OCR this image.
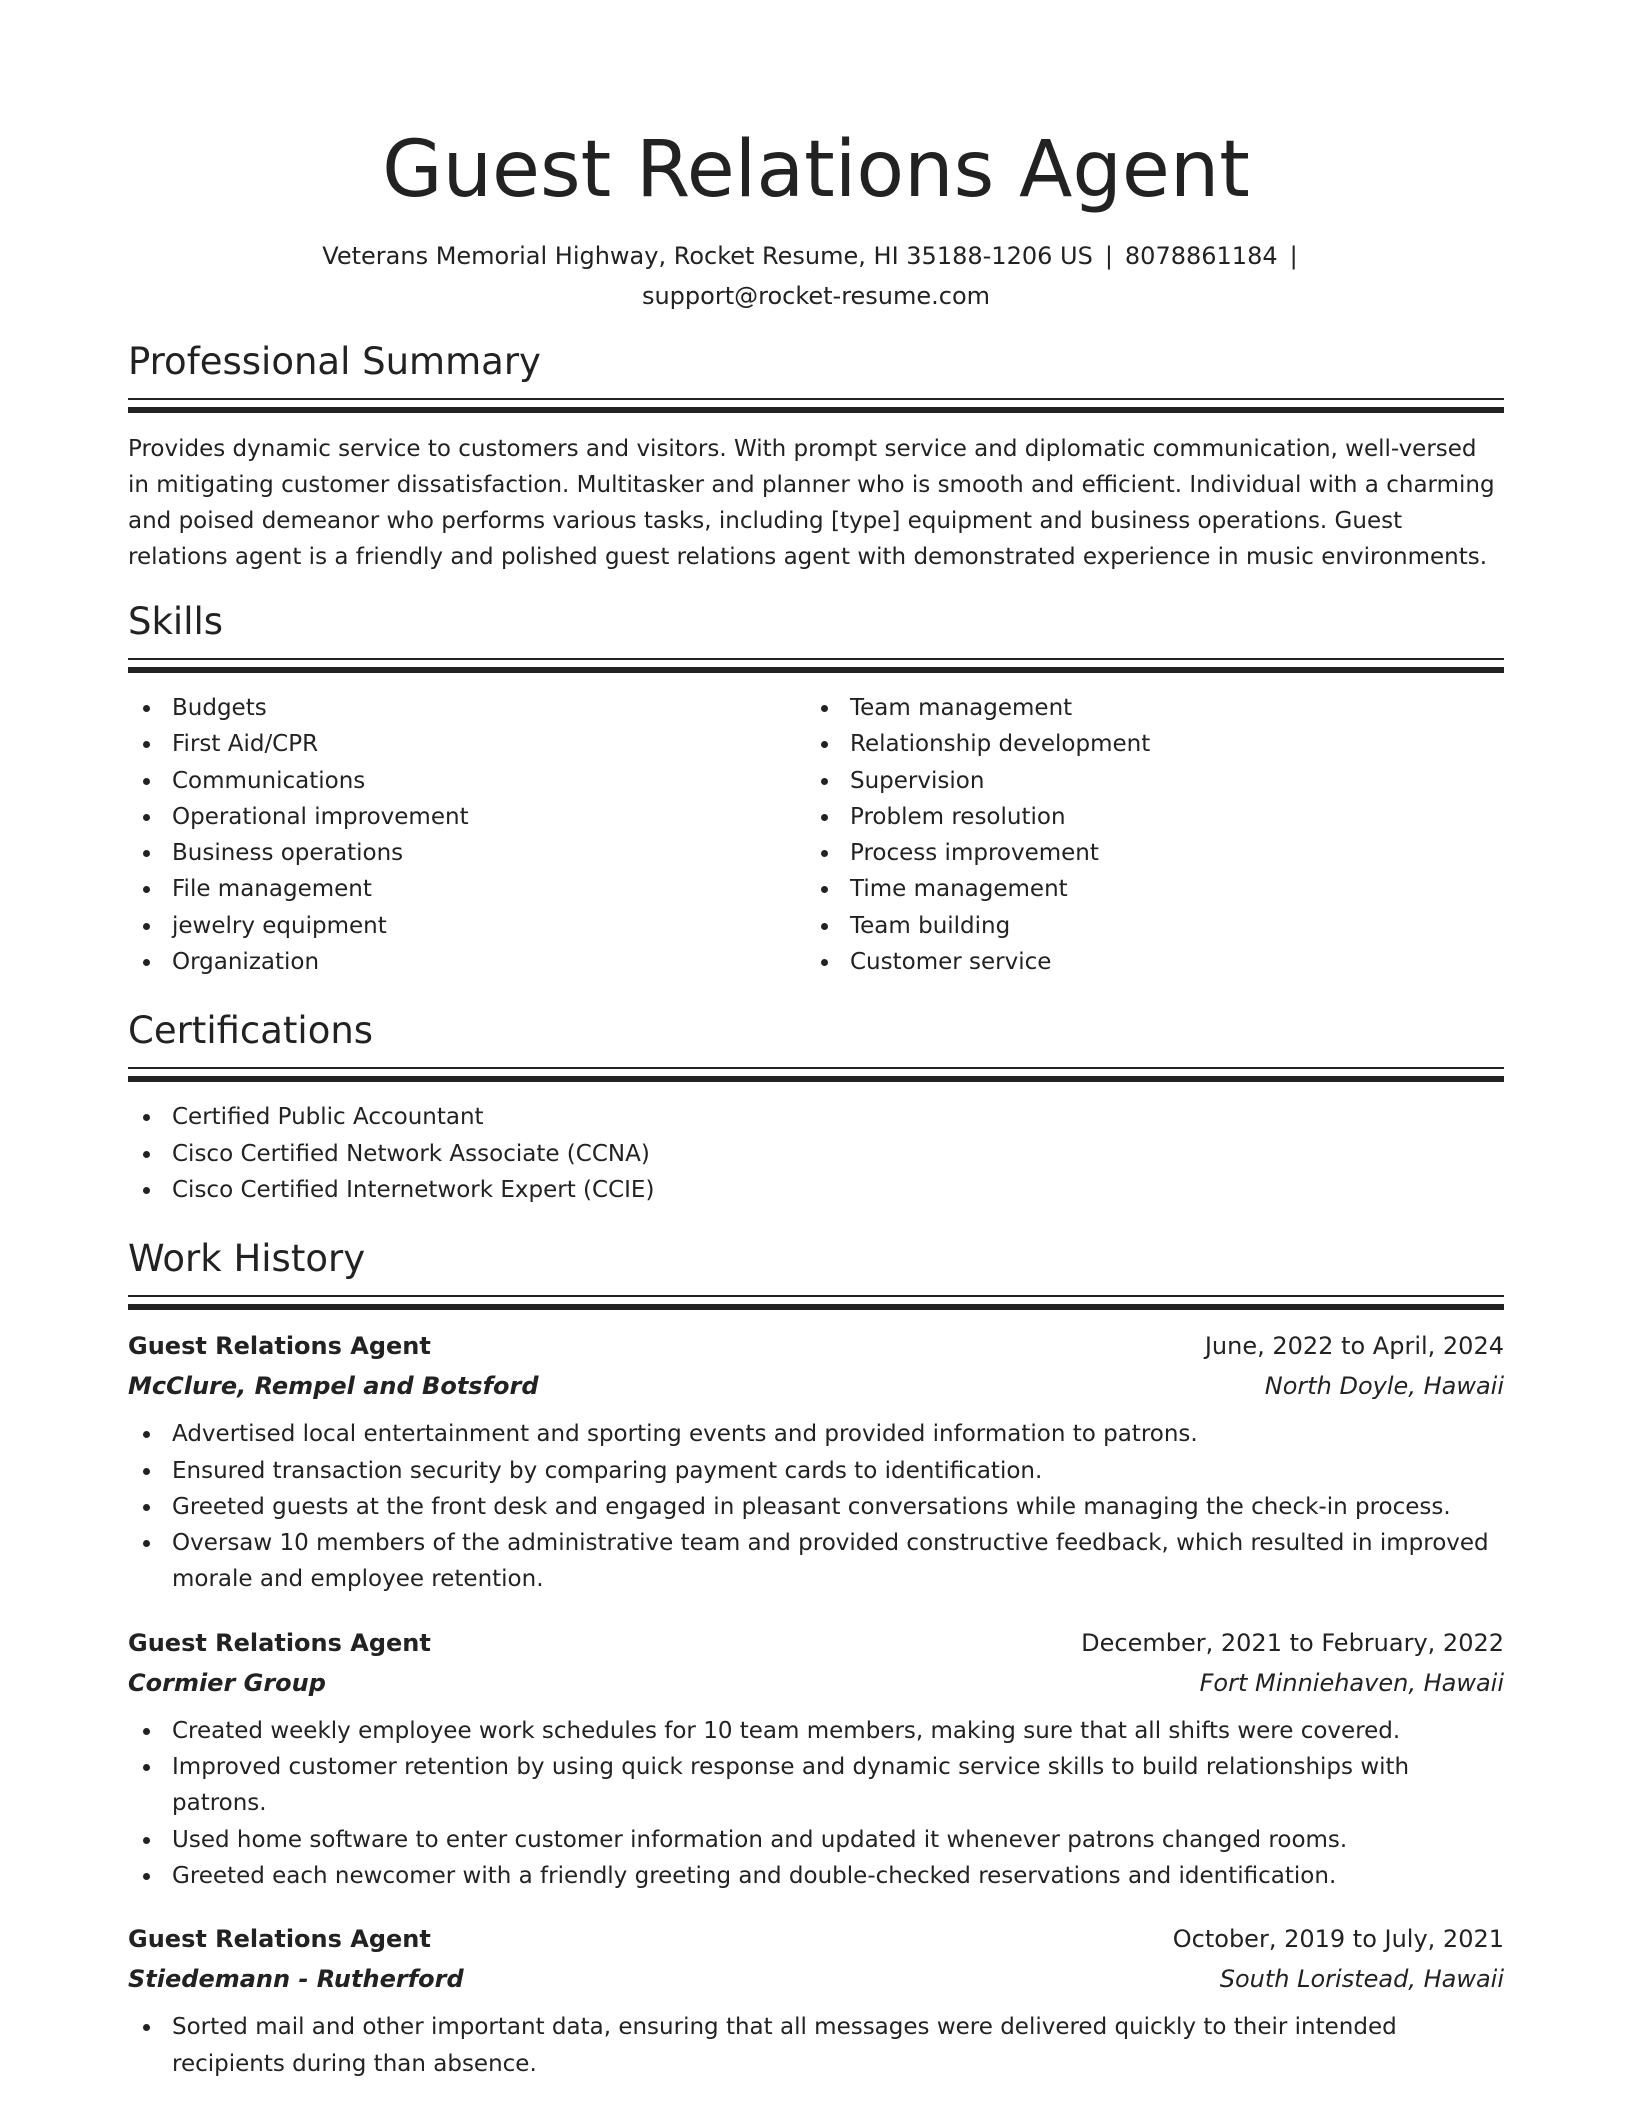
Guest Relations Agent
Veterans Memorial Highway, Rocket Resume, HI 35188-1206 US | 8078861184 |
support@rocket-resume.com
Professional Summary

Provides dynamic service to customers and visitors. With prompt service and diplomatic communication, well-versed in mitigating customer dissatisfaction. Multitasker and planner who is smooth and efficient. Individual with a charming and poised demeanor who performs various tasks, including [type] equipment and business operations. Guest relations agent is a friendly and polished guest relations agent with demonstrated experience in music environments.

Skills
Budgets
First Aid/CPR
Communications
Operational improvement
Business operations
File management
jewelry equipment
Organization
Team management
Relationship development
Supervision
Problem resolution
Process improvement
Time management
Team building
Customer service
Certifications
Certified Public Accountant
Cisco Certified Network Associate (CCNA)
Cisco Certified Internetwork Expert (CCIE)
Work History
Guest Relations Agent	June, 2022 to April, 2024
McClure, Rempel and Botsford	North Doyle, Hawaii
Advertised local entertainment and sporting events and provided information to patrons.
Ensured transaction security by comparing payment cards to identification.
Greeted guests at the front desk and engaged in pleasant conversations while managing the check-in process.
Oversaw 10 members of the administrative team and provided constructive feedback, which resulted in improved morale and employee retention.
Guest Relations Agent	December, 2021 to February, 2022
Cormier Group	Fort Minniehaven, Hawaii
Created weekly employee work schedules for 10 team members, making sure that all shifts were covered.
Improved customer retention by using quick response and dynamic service skills to build relationships with patrons.
Used home software to enter customer information and updated it whenever patrons changed rooms.
Greeted each newcomer with a friendly greeting and double-checked reservations and identification.
Guest Relations Agent	October, 2019 to July, 2021
Stiedemann - Rutherford	South Loristead, Hawaii
Sorted mail and other important data, ensuring that all messages were delivered quickly to their intended recipients during than absence.
